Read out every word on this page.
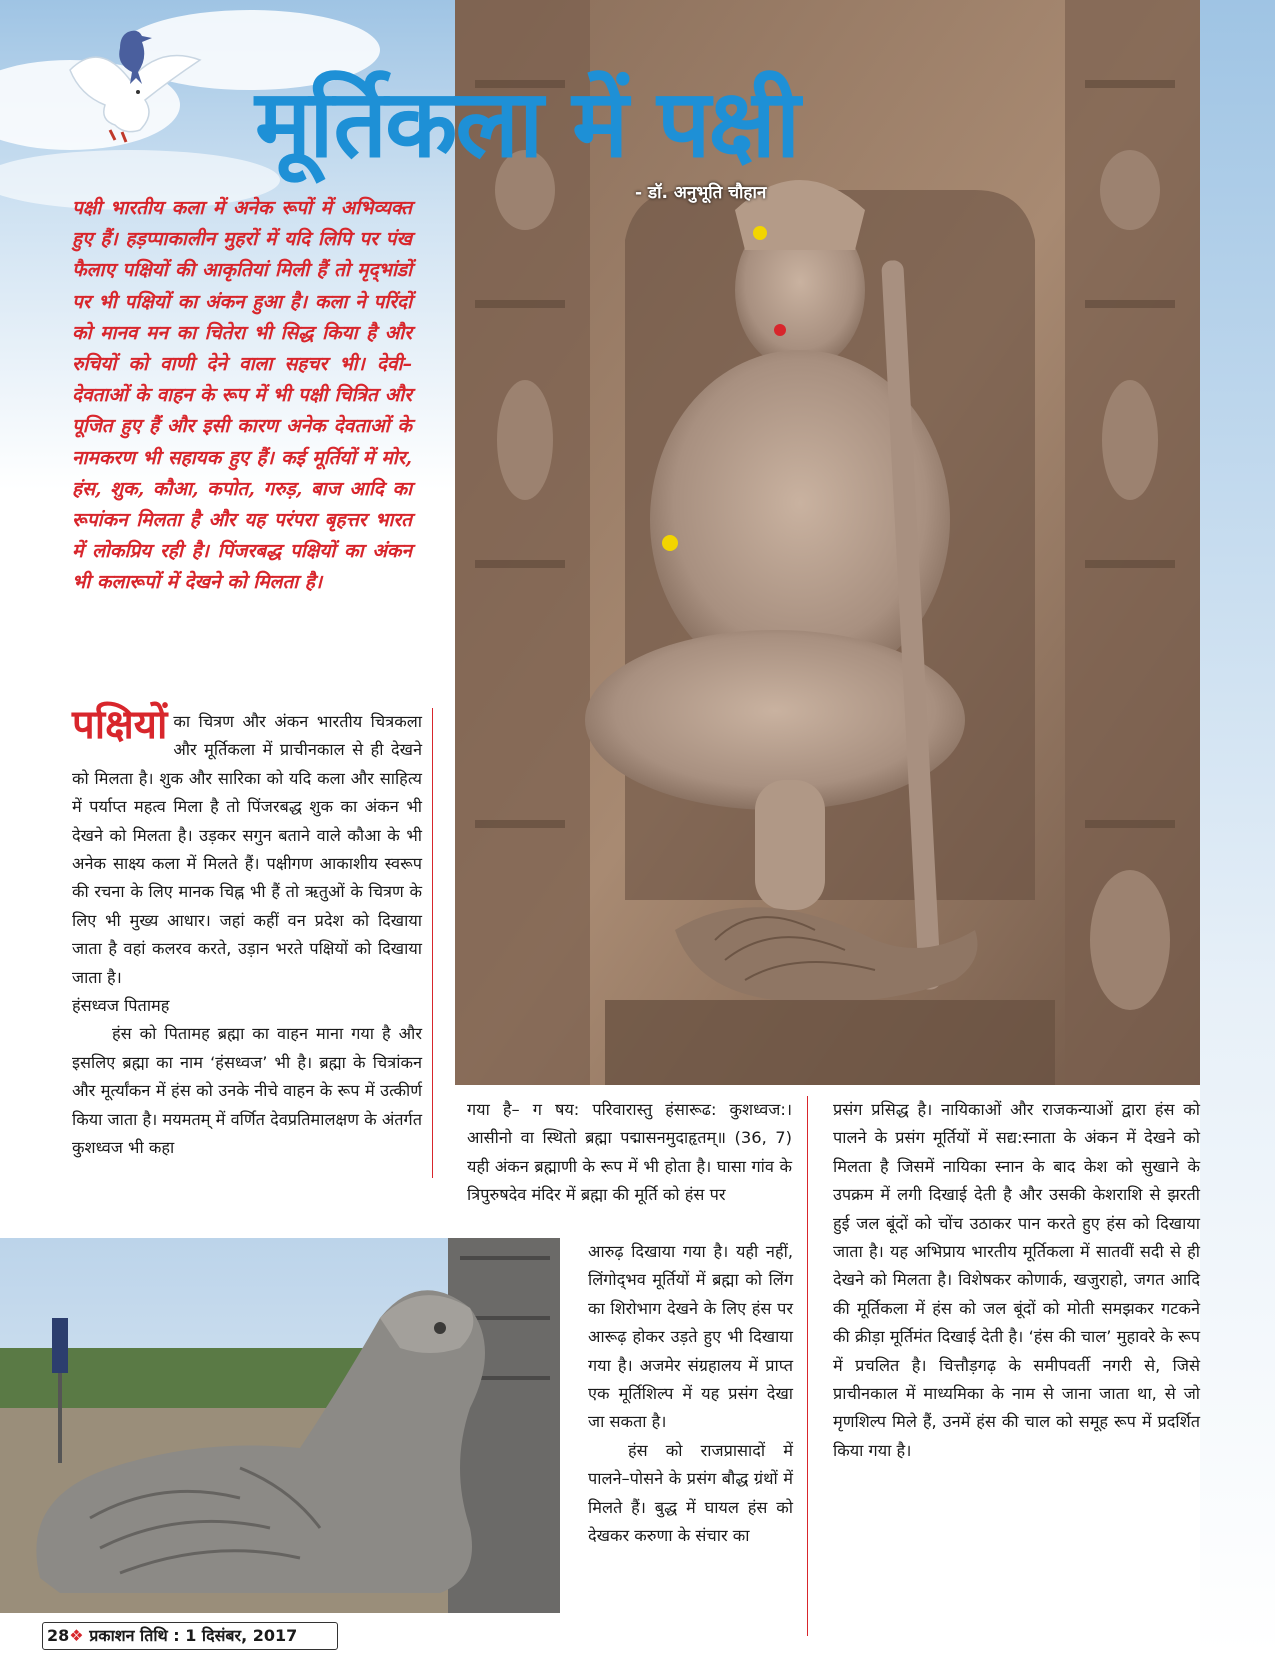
मूर्तिकला में पक्षी
- डॉ. अनुभूति चौहान
पक्षी भारतीय कला में अनेक रूपों में अभिव्यक्त हुए हैं। हड़प्पाकालीन मुहरों में यदि लिपि पर पंख फैलाए पक्षियों की आकृतियां मिली हैं तो मृद्‌भांडों पर भी पक्षियों का अंकन हुआ है। कला ने परिंदों को मानव मन का चितेरा भी सिद्ध किया है और रुचियों को वाणी देने वाला सहचर भी। देवी–देवताओं के वाहन के रूप में भी पक्षी चित्रित और पूजित हुए हैं और इसी कारण अनेक देवताओं के नामकरण भी सहायक हुए हैं। कई मूर्तियों में मोर, हंस, शुक, कौआ, कपोत, गरुड़, बाज आदि का रूपांकन मिलता है और यह परंपरा बृहत्तर भारत में लोकप्रिय रही है। पिंजरबद्ध पक्षियों का अंकन भी कलारूपों में देखने को मिलता है।

पक्षियों का चित्रण और अंकन भारतीय चित्रकला और मूर्तिकला में प्राचीनकाल से ही देखने को मिलता है। शुक और सारिका को यदि कला और साहित्य में पर्याप्त महत्व मिला है तो पिंजरबद्ध शुक का अंकन भी देखने को मिलता है। उड़कर सगुन बताने वाले कौआ के भी अनेक साक्ष्य कला में मिलते हैं। पक्षीगण आकाशीय स्वरूप की रचना के लिए मानक चिह्न भी हैं तो ऋतुओं के चित्रण के लिए भी मुख्य आधार। जहां कहीं वन प्रदेश को दिखाया जाता है वहां कलरव करते, उड़ान भरते पक्षियों को दिखाया जाता है।

हंसध्वज पितामह

हंस को पितामह ब्रह्मा का वाहन माना गया है और इसलिए ब्रह्मा का नाम ‘हंसध्वज’ भी है। ब्रह्मा के चित्रांकन और मूर्त्यांकन में हंस को उनके नीचे वाहन के रूप में उत्कीर्ण किया जाता है। मयमतम्‌ में वर्णित देवप्रतिमालक्षण के अंतर्गत कुशध्वज भी कहा

गया है– ग षय: परिवारास्तु हंसारूढ: कुशध्वज:। आसीनो वा स्थितो ब्रह्मा पद्मासनमुदाहृतम्‌॥ (36, 7) यही अंकन ब्रह्माणी के रूप में भी होता है। घासा गांव के त्रिपुरुषदेव मंदिर में ब्रह्मा की मूर्ति को हंस पर

आरुढ़ दिखाया गया है। यही नहीं, लिंगोद्‌भव मूर्तियों में ब्रह्मा को लिंग का शिरोभाग देखने के लिए हंस पर आरूढ़ होकर उड़ते हुए भी दिखाया गया है। अजमेर संग्रहालय में प्राप्त एक मूर्तिशिल्प में यह प्रसंग देखा जा सकता है।

हंस को राजप्रासादों में पालने–पोसने के प्रसंग बौद्ध ग्रंथों में मिलते हैं। बुद्ध में घायल हंस को देखकर करुणा के संचार का

प्रसंग प्रसिद्ध है। नायिकाओं और राजकन्याओं द्वारा हंस को पालने के प्रसंग मूर्तियों में सद्य:स्नाता के अंकन में देखने को मिलता है जिसमें नायिका स्नान के बाद केश को सुखाने के उपक्रम में लगी दिखाई देती है और उसकी केशराशि से झरती हुई जल बूंदों को चोंच उठाकर पान करते हुए हंस को दिखाया जाता है। यह अभिप्राय भारतीय मूर्तिकला में सातवीं सदी से ही देखने को मिलता है। विशेषकर कोणार्क, खजुराहो, जगत आदि की मूर्तिकला में हंस को जल बूंदों को मोती समझकर गटकने की क्रीड़ा मूर्तिमंत दिखाई देती है। ‘हंस की चाल’ मुहावरे के रूप में प्रचलित है। चित्तौड़गढ़ के समीपवर्ती नगरी से, जिसे प्राचीनकाल में माध्यमिका के नाम से जाना जाता था, से जो मृणशिल्प मिले हैं, उनमें हंस की चाल को समूह रूप में प्रदर्शित किया गया है।

28❖ प्रकाशन तिथि : 1 दिसंबर, 2017
